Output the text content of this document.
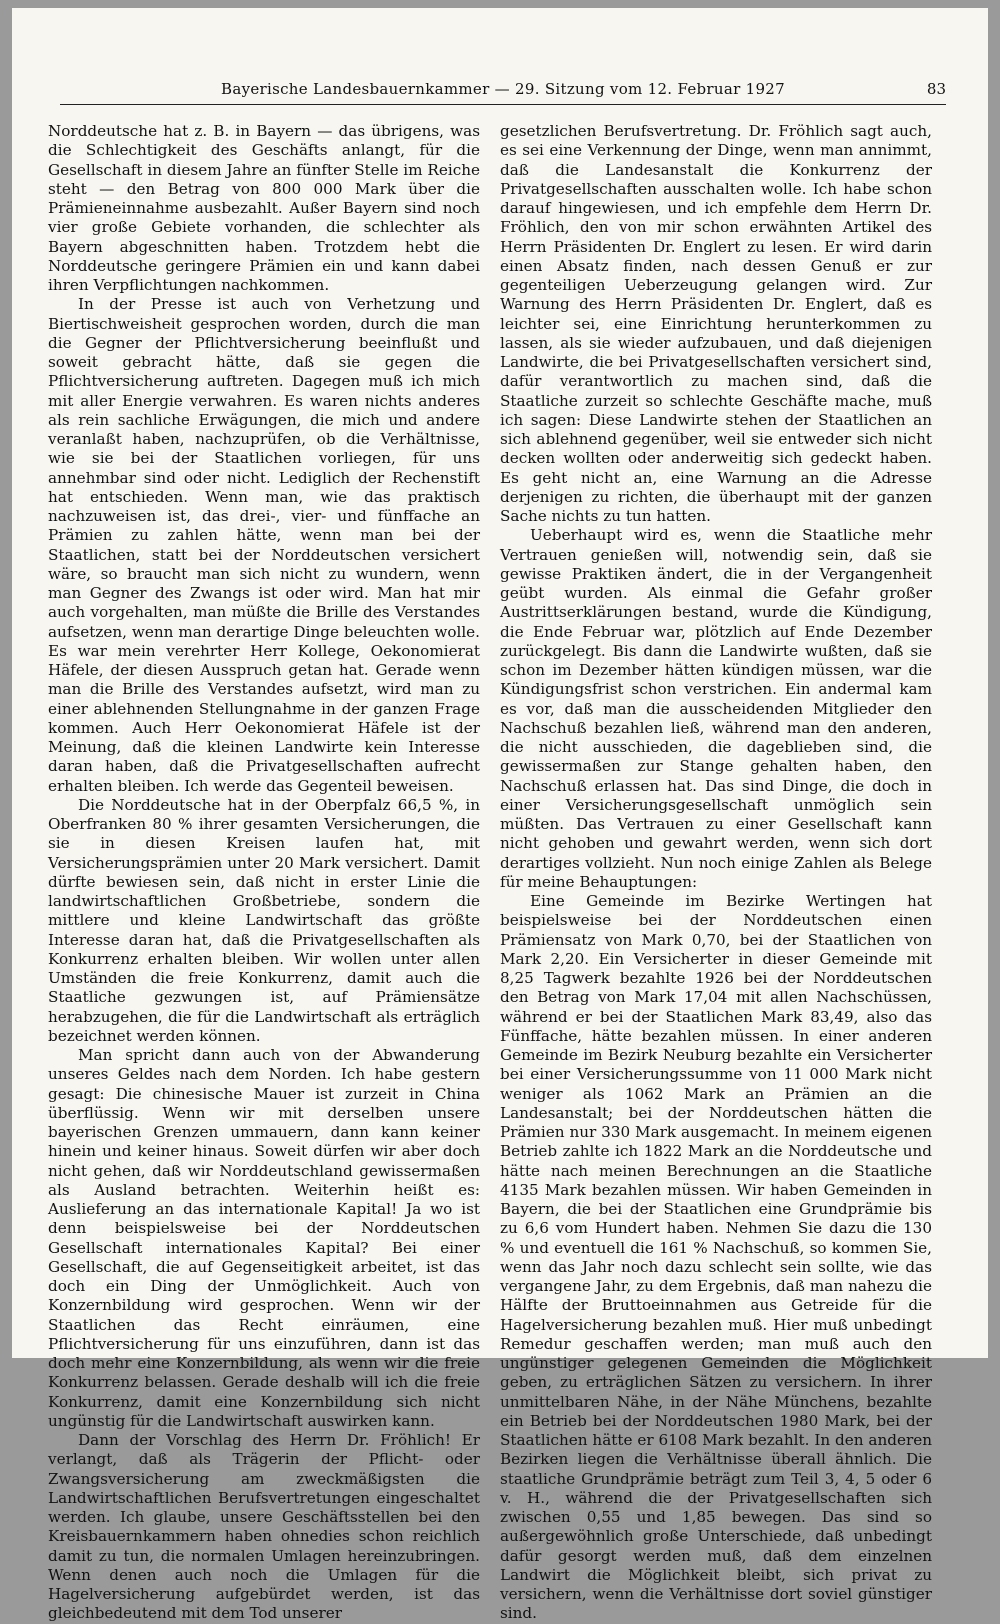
Bayerische Landesbauernkammer — 29. Sitzung vom 12. Februar 1927	83

Norddeutsche hat z. B. in Bayern — das übrigens, was die Schlechtigkeit des Geschäfts anlangt, für die Gesellschaft in diesem Jahre an fünfter Stelle im Reiche steht — den Betrag von 800 000 Mark über die Prämieneinnahme ausbezahlt. Außer Bayern sind noch vier große Gebiete vorhanden, die schlechter als Bayern abgeschnitten haben. Trotzdem hebt die Norddeutsche geringere Prämien ein und kann dabei ihren Verpflichtungen nachkommen.

In der Presse ist auch von Verhetzung und Biertischweisheit gesprochen worden, durch die man die Gegner der Pflichtversicherung beeinflußt und soweit gebracht hätte, daß sie gegen die Pflichtversicherung auftreten. Dagegen muß ich mich mit aller Energie verwahren. Es waren nichts anderes als rein sachliche Erwägungen, die mich und andere veranlaßt haben, nachzuprüfen, ob die Verhältnisse, wie sie bei der Staatlichen vorliegen, für uns annehmbar sind oder nicht. Lediglich der Rechenstift hat entschieden. Wenn man, wie das praktisch nachzuweisen ist, das drei-, vier- und fünffache an Prämien zu zahlen hätte, wenn man bei der Staatlichen, statt bei der Norddeutschen versichert wäre, so braucht man sich nicht zu wundern, wenn man Gegner des Zwangs ist oder wird. Man hat mir auch vorgehalten, man müßte die Brille des Verstandes aufsetzen, wenn man derartige Dinge beleuchten wolle. Es war mein verehrter Herr Kollege, Oekonomierat Häfele, der diesen Ausspruch getan hat. Gerade wenn man die Brille des Verstandes aufsetzt, wird man zu einer ablehnenden Stellungnahme in der ganzen Frage kommen. Auch Herr Oekonomierat Häfele ist der Meinung, daß die kleinen Landwirte kein Interesse daran haben, daß die Privatgesellschaften aufrecht erhalten bleiben. Ich werde das Gegenteil beweisen.

Die Norddeutsche hat in der Oberpfalz 66,5 %, in Oberfranken 80 % ihrer gesamten Versicherungen, die sie in diesen Kreisen laufen hat, mit Versicherungsprämien unter 20 Mark versichert. Damit dürfte bewiesen sein, daß nicht in erster Linie die landwirtschaftlichen Großbetriebe, sondern die mittlere und kleine Landwirtschaft das größte Interesse daran hat, daß die Privatgesellschaften als Konkurrenz erhalten bleiben. Wir wollen unter allen Umständen die freie Konkurrenz, damit auch die Staatliche gezwungen ist, auf Prämiensätze herabzugehen, die für die Landwirtschaft als erträglich bezeichnet werden können.

Man spricht dann auch von der Abwanderung unseres Geldes nach dem Norden. Ich habe gestern gesagt: Die chinesische Mauer ist zurzeit in China überflüssig. Wenn wir mit derselben unsere bayerischen Grenzen ummauern, dann kann keiner hinein und keiner hinaus. Soweit dürfen wir aber doch nicht gehen, daß wir Norddeutschland gewissermaßen als Ausland betrachten. Weiterhin heißt es: Auslieferung an das internationale Kapital! Ja wo ist denn beispielsweise bei der Norddeutschen Gesellschaft internationales Kapital? Bei einer Gesellschaft, die auf Gegenseitigkeit arbeitet, ist das doch ein Ding der Unmöglichkeit. Auch von Konzernbildung wird gesprochen. Wenn wir der Staatlichen das Recht einräumen, eine Pflichtversicherung für uns einzuführen, dann ist das doch mehr eine Konzernbildung, als wenn wir die freie Konkurrenz belassen. Gerade deshalb will ich die freie Konkurrenz, damit eine Konzernbildung sich nicht ungünstig für die Landwirtschaft auswirken kann.

Dann der Vorschlag des Herrn Dr. Fröhlich! Er verlangt, daß als Trägerin der Pflicht- oder Zwangsversicherung am zweckmäßigsten die Landwirtschaftlichen Berufsvertretungen eingeschaltet werden. Ich glaube, unsere Geschäftsstellen bei den Kreisbauernkammern haben ohnedies schon reichlich damit zu tun, die normalen Umlagen hereinzubringen. Wenn denen auch noch die Umlagen für die Hagelversicherung aufgebürdet werden, ist das gleichbedeutend mit dem Tod unserer

gesetzlichen Berufsvertretung. Dr. Fröhlich sagt auch, es sei eine Verkennung der Dinge, wenn man annimmt, daß die Landesanstalt die Konkurrenz der Privatgesellschaften ausschalten wolle. Ich habe schon darauf hingewiesen, und ich empfehle dem Herrn Dr. Fröhlich, den von mir schon erwähnten Artikel des Herrn Präsidenten Dr. Englert zu lesen. Er wird darin einen Absatz finden, nach dessen Genuß er zur gegenteiligen Ueberzeugung gelangen wird. Zur Warnung des Herrn Präsidenten Dr. Englert, daß es leichter sei, eine Einrichtung herunterkommen zu lassen, als sie wieder aufzubauen, und daß diejenigen Landwirte, die bei Privatgesellschaften versichert sind, dafür verantwortlich zu machen sind, daß die Staatliche zurzeit so schlechte Geschäfte mache, muß ich sagen: Diese Landwirte stehen der Staatlichen an sich ablehnend gegenüber, weil sie entweder sich nicht decken wollten oder anderweitig sich gedeckt haben. Es geht nicht an, eine Warnung an die Adresse derjenigen zu richten, die überhaupt mit der ganzen Sache nichts zu tun hatten.

Ueberhaupt wird es, wenn die Staatliche mehr Vertrauen genießen will, notwendig sein, daß sie gewisse Praktiken ändert, die in der Vergangenheit geübt wurden. Als einmal die Gefahr großer Austrittserklärungen bestand, wurde die Kündigung, die Ende Februar war, plötzlich auf Ende Dezember zurückgelegt. Bis dann die Landwirte wußten, daß sie schon im Dezember hätten kündigen müssen, war die Kündigungsfrist schon verstrichen. Ein andermal kam es vor, daß man die ausscheidenden Mitglieder den Nachschuß bezahlen ließ, während man den anderen, die nicht ausschieden, die dageblieben sind, die gewissermaßen zur Stange gehalten haben, den Nachschuß erlassen hat. Das sind Dinge, die doch in einer Versicherungsgesellschaft unmöglich sein müßten. Das Vertrauen zu einer Gesellschaft kann nicht gehoben und gewahrt werden, wenn sich dort derartiges vollzieht. Nun noch einige Zahlen als Belege für meine Behauptungen:

Eine Gemeinde im Bezirke Wertingen hat beispielsweise bei der Norddeutschen einen Prämiensatz von Mark 0,70, bei der Staatlichen von Mark 2,20. Ein Versicherter in dieser Gemeinde mit 8,25 Tagwerk bezahlte 1926 bei der Norddeutschen den Betrag von Mark 17,04 mit allen Nachschüssen, während er bei der Staatlichen Mark 83,49, also das Fünffache, hätte bezahlen müssen. In einer anderen Gemeinde im Bezirk Neuburg bezahlte ein Versicherter bei einer Versicherungssumme von 11 000 Mark nicht weniger als 1062 Mark an Prämien an die Landesanstalt; bei der Norddeutschen hätten die Prämien nur 330 Mark ausgemacht. In meinem eigenen Betrieb zahlte ich 1822 Mark an die Norddeutsche und hätte nach meinen Berechnungen an die Staatliche 4135 Mark bezahlen müssen. Wir haben Gemeinden in Bayern, die bei der Staatlichen eine Grundprämie bis zu 6,6 vom Hundert haben. Nehmen Sie dazu die 130 % und eventuell die 161 % Nachschuß, so kommen Sie, wenn das Jahr noch dazu schlecht sein sollte, wie das vergangene Jahr, zu dem Ergebnis, daß man nahezu die Hälfte der Bruttoeinnahmen aus Getreide für die Hagelversicherung bezahlen muß. Hier muß unbedingt Remedur geschaffen werden; man muß auch den ungünstiger gelegenen Gemeinden die Möglichkeit geben, zu erträglichen Sätzen zu versichern. In ihrer unmittelbaren Nähe, in der Nähe Münchens, bezahlte ein Betrieb bei der Norddeutschen 1980 Mark, bei der Staatlichen hätte er 6108 Mark bezahlt. In den anderen Bezirken liegen die Verhältnisse überall ähnlich. Die staatliche Grundprämie beträgt zum Teil 3, 4, 5 oder 6 v. H., während die der Privatgesellschaften sich zwischen 0,55 und 1,85 bewegen. Das sind so außergewöhnlich große Unterschiede, daß unbedingt dafür gesorgt werden muß, daß dem einzelnen Landwirt die Möglichkeit bleibt, sich privat zu versichern, wenn die Verhältnisse dort soviel günstiger sind.
